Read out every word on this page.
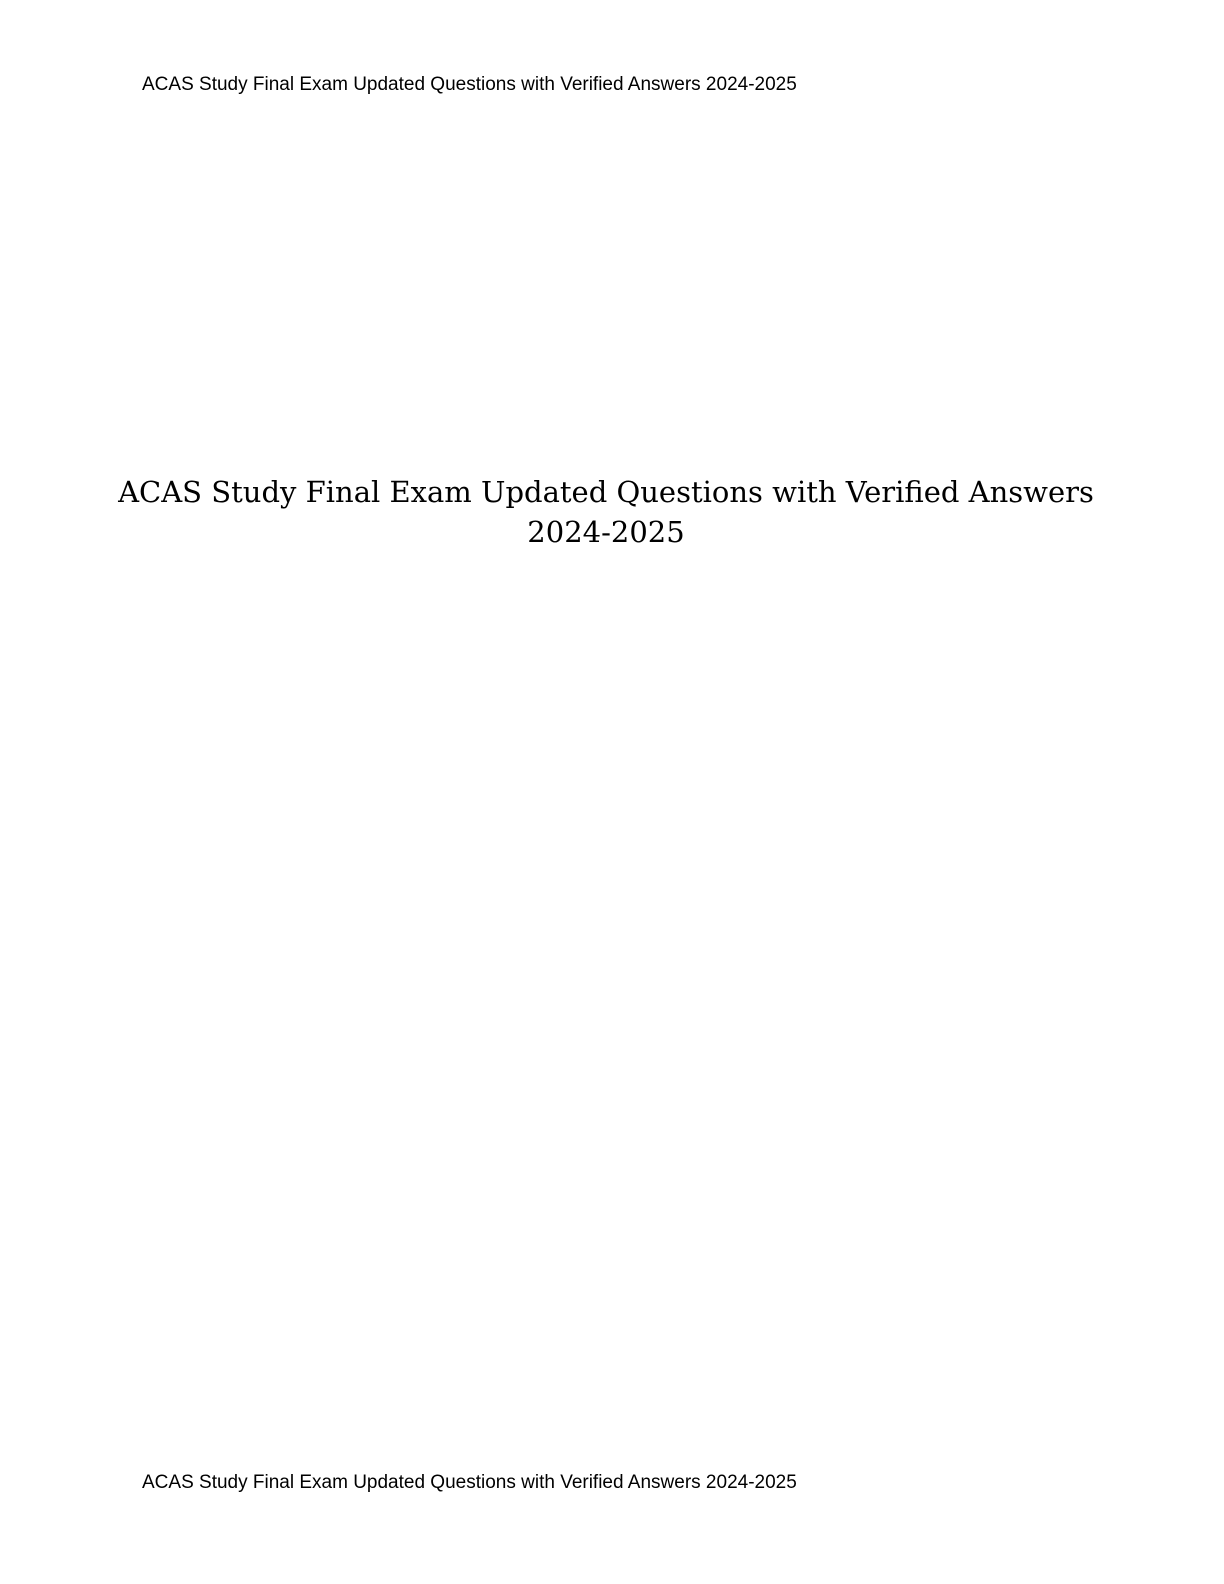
ACAS Study Final Exam Updated Questions with Verified Answers 2024-2025
ACAS Study Final Exam Updated Questions with Verified Answers
2024-2025
ACAS Study Final Exam Updated Questions with Verified Answers 2024-2025
